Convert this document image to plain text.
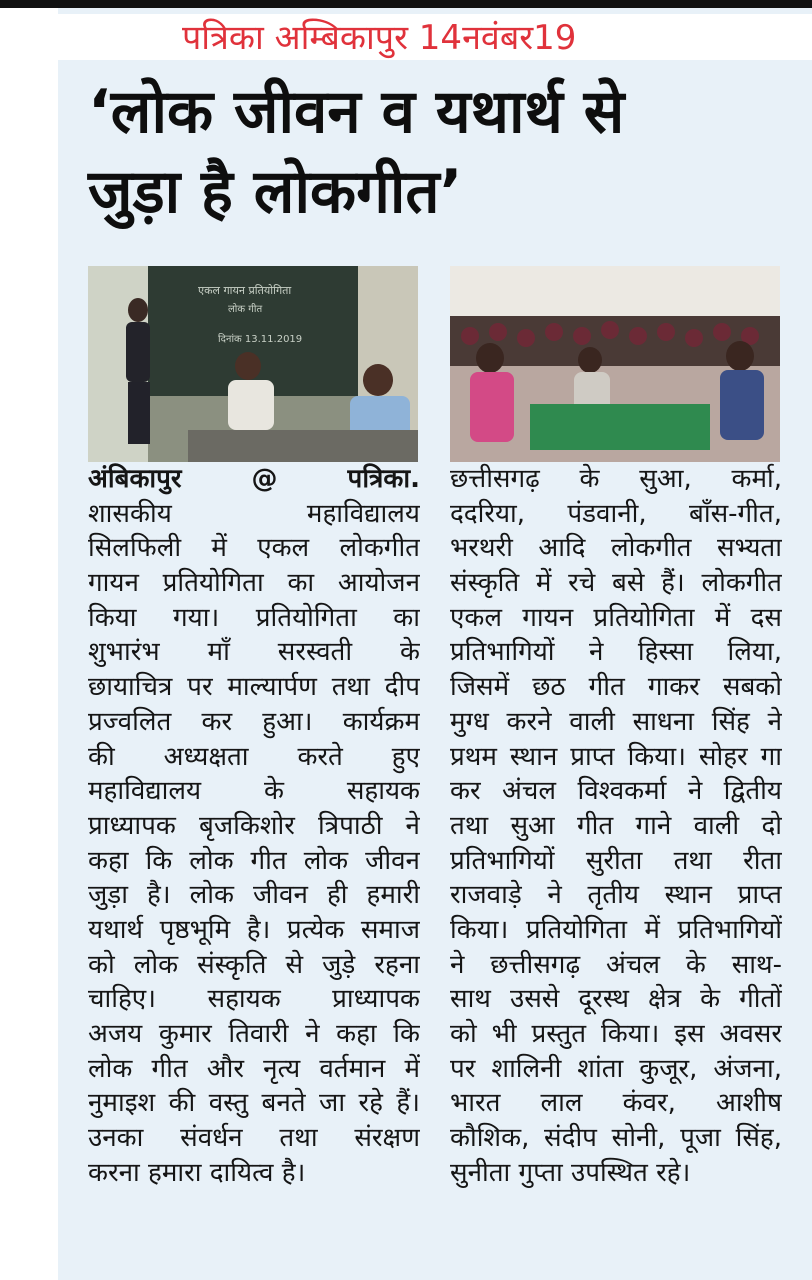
पत्रिका अम्बिकापुर 14नवंबर19
‘लोक जीवन व यथार्थ से
जुड़ा है लोकगीत’
एकल गायन प्रतियोगिता
लोक गीत
दिनांक 13.11.2019
अंबिकापुर @ पत्रिका.
शासकीय महाविद्यालय
सिलफिली में एकल लोकगीत
गायन प्रतियोगिता का आयोजन
किया गया। प्रतियोगिता का
शुभारंभ माँ सरस्वती के
छायाचित्र पर माल्यार्पण तथा दीप
प्रज्वलित कर हुआ। कार्यक्रम
की अध्यक्षता करते हुए
महाविद्यालय के सहायक
प्राध्यापक बृजकिशोर त्रिपाठी ने
कहा कि लोक गीत लोक जीवन
जुड़ा है। लोक जीवन ही हमारी
यथार्थ पृष्ठभूमि है। प्रत्येक समाज
को लोक संस्कृति से जुड़े रहना
चाहिए। सहायक प्राध्यापक
अजय कुमार तिवारी ने कहा कि
लोक गीत और नृत्य वर्तमान में
नुमाइश की वस्तु बनते जा रहे हैं।
उनका संवर्धन तथा संरक्षण
करना हमारा दायित्व है।
छत्तीसगढ़ के सुआ, कर्मा,
ददरिया, पंडवानी, बाँस-गीत,
भरथरी आदि लोकगीत सभ्यता
संस्कृति में रचे बसे हैं। लोकगीत
एकल गायन प्रतियोगिता में दस
प्रतिभागियों ने हिस्सा लिया,
जिसमें छठ गीत गाकर सबको
मुग्ध करने वाली साधना सिंह ने
प्रथम स्थान प्राप्त किया। सोहर गा
कर अंचल विश्वकर्मा ने द्वितीय
तथा सुआ गीत गाने वाली दो
प्रतिभागियों सुरीता तथा रीता
राजवाड़े ने तृतीय स्थान प्राप्त
किया। प्रतियोगिता में प्रतिभागियों
ने छत्तीसगढ़ अंचल के साथ-
साथ उससे दूरस्थ क्षेत्र के गीतों
को भी प्रस्तुत किया। इस अवसर
पर शालिनी शांता कुजूर, अंजना,
भारत लाल कंवर, आशीष
कौशिक, संदीप सोनी, पूजा सिंह,
सुनीता गुप्ता उपस्थित रहे।
